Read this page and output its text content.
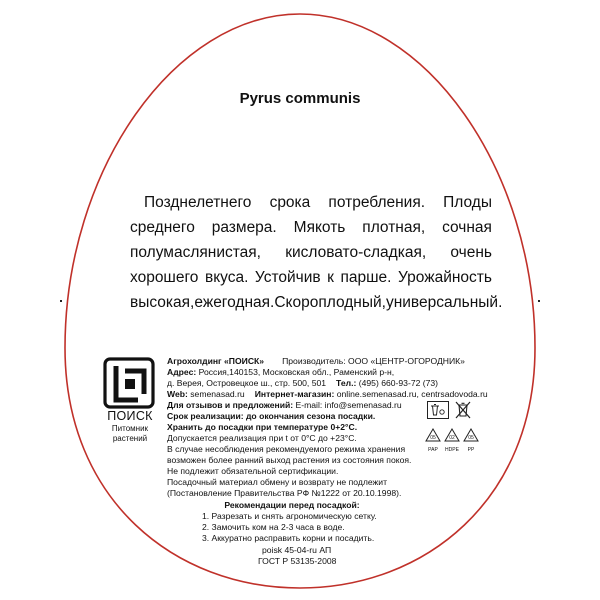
Pyrus communis
Позднелетнего срока потребления. Плоды
среднего размера. Мякоть плотная, сочная
полумаслянистая, кисловато-сладкая, очень
хорошего вкуса. Устойчив к парше. Урожайность
высокая, ежегодная. Скороплодный, универсальный.
ПОИСК
Питомник
растений
Агрохолдинг «ПОИСК» Производитель: ООО «ЦЕНТР-ОГОРОДНИК»
Адрес: Россия,140153, Московская обл., Раменский р-н,
д. Верея, Островецкое ш., стр. 500, 501 Тел.: (495) 660-93-72 (73)
Web: semenasad.ru Интернет-магазин: online.semenasad.ru, centrsadovoda.ru
Для отзывов и предложений: E-mail: info@semenasad.ru
Срок реализации: до окончания сезона посадки.
Хранить до посадки при температуре 0+2°С.
Допускается реализация при t от 0°С до +23°С.
В случае несоблюдения рекомендуемого режима хранения
возможен более ранний выход растения из состояния покоя.
Не подлежит обязательной сертификации.
Посадочный материал обмену и возврату не подлежит
(Постановление Правительства РФ №1222 от 20.10.1998).
05
PAP
02
HDPE
05
PP
Рекомендации перед посадкой:
1. Разрезать и снять агрономическую сетку.
2. Замочить ком на 2-3 часа в воде.
3. Аккуратно расправить корни и посадить.
poisk 45-04-ru АП
ГОСТ Р 53135-2008
